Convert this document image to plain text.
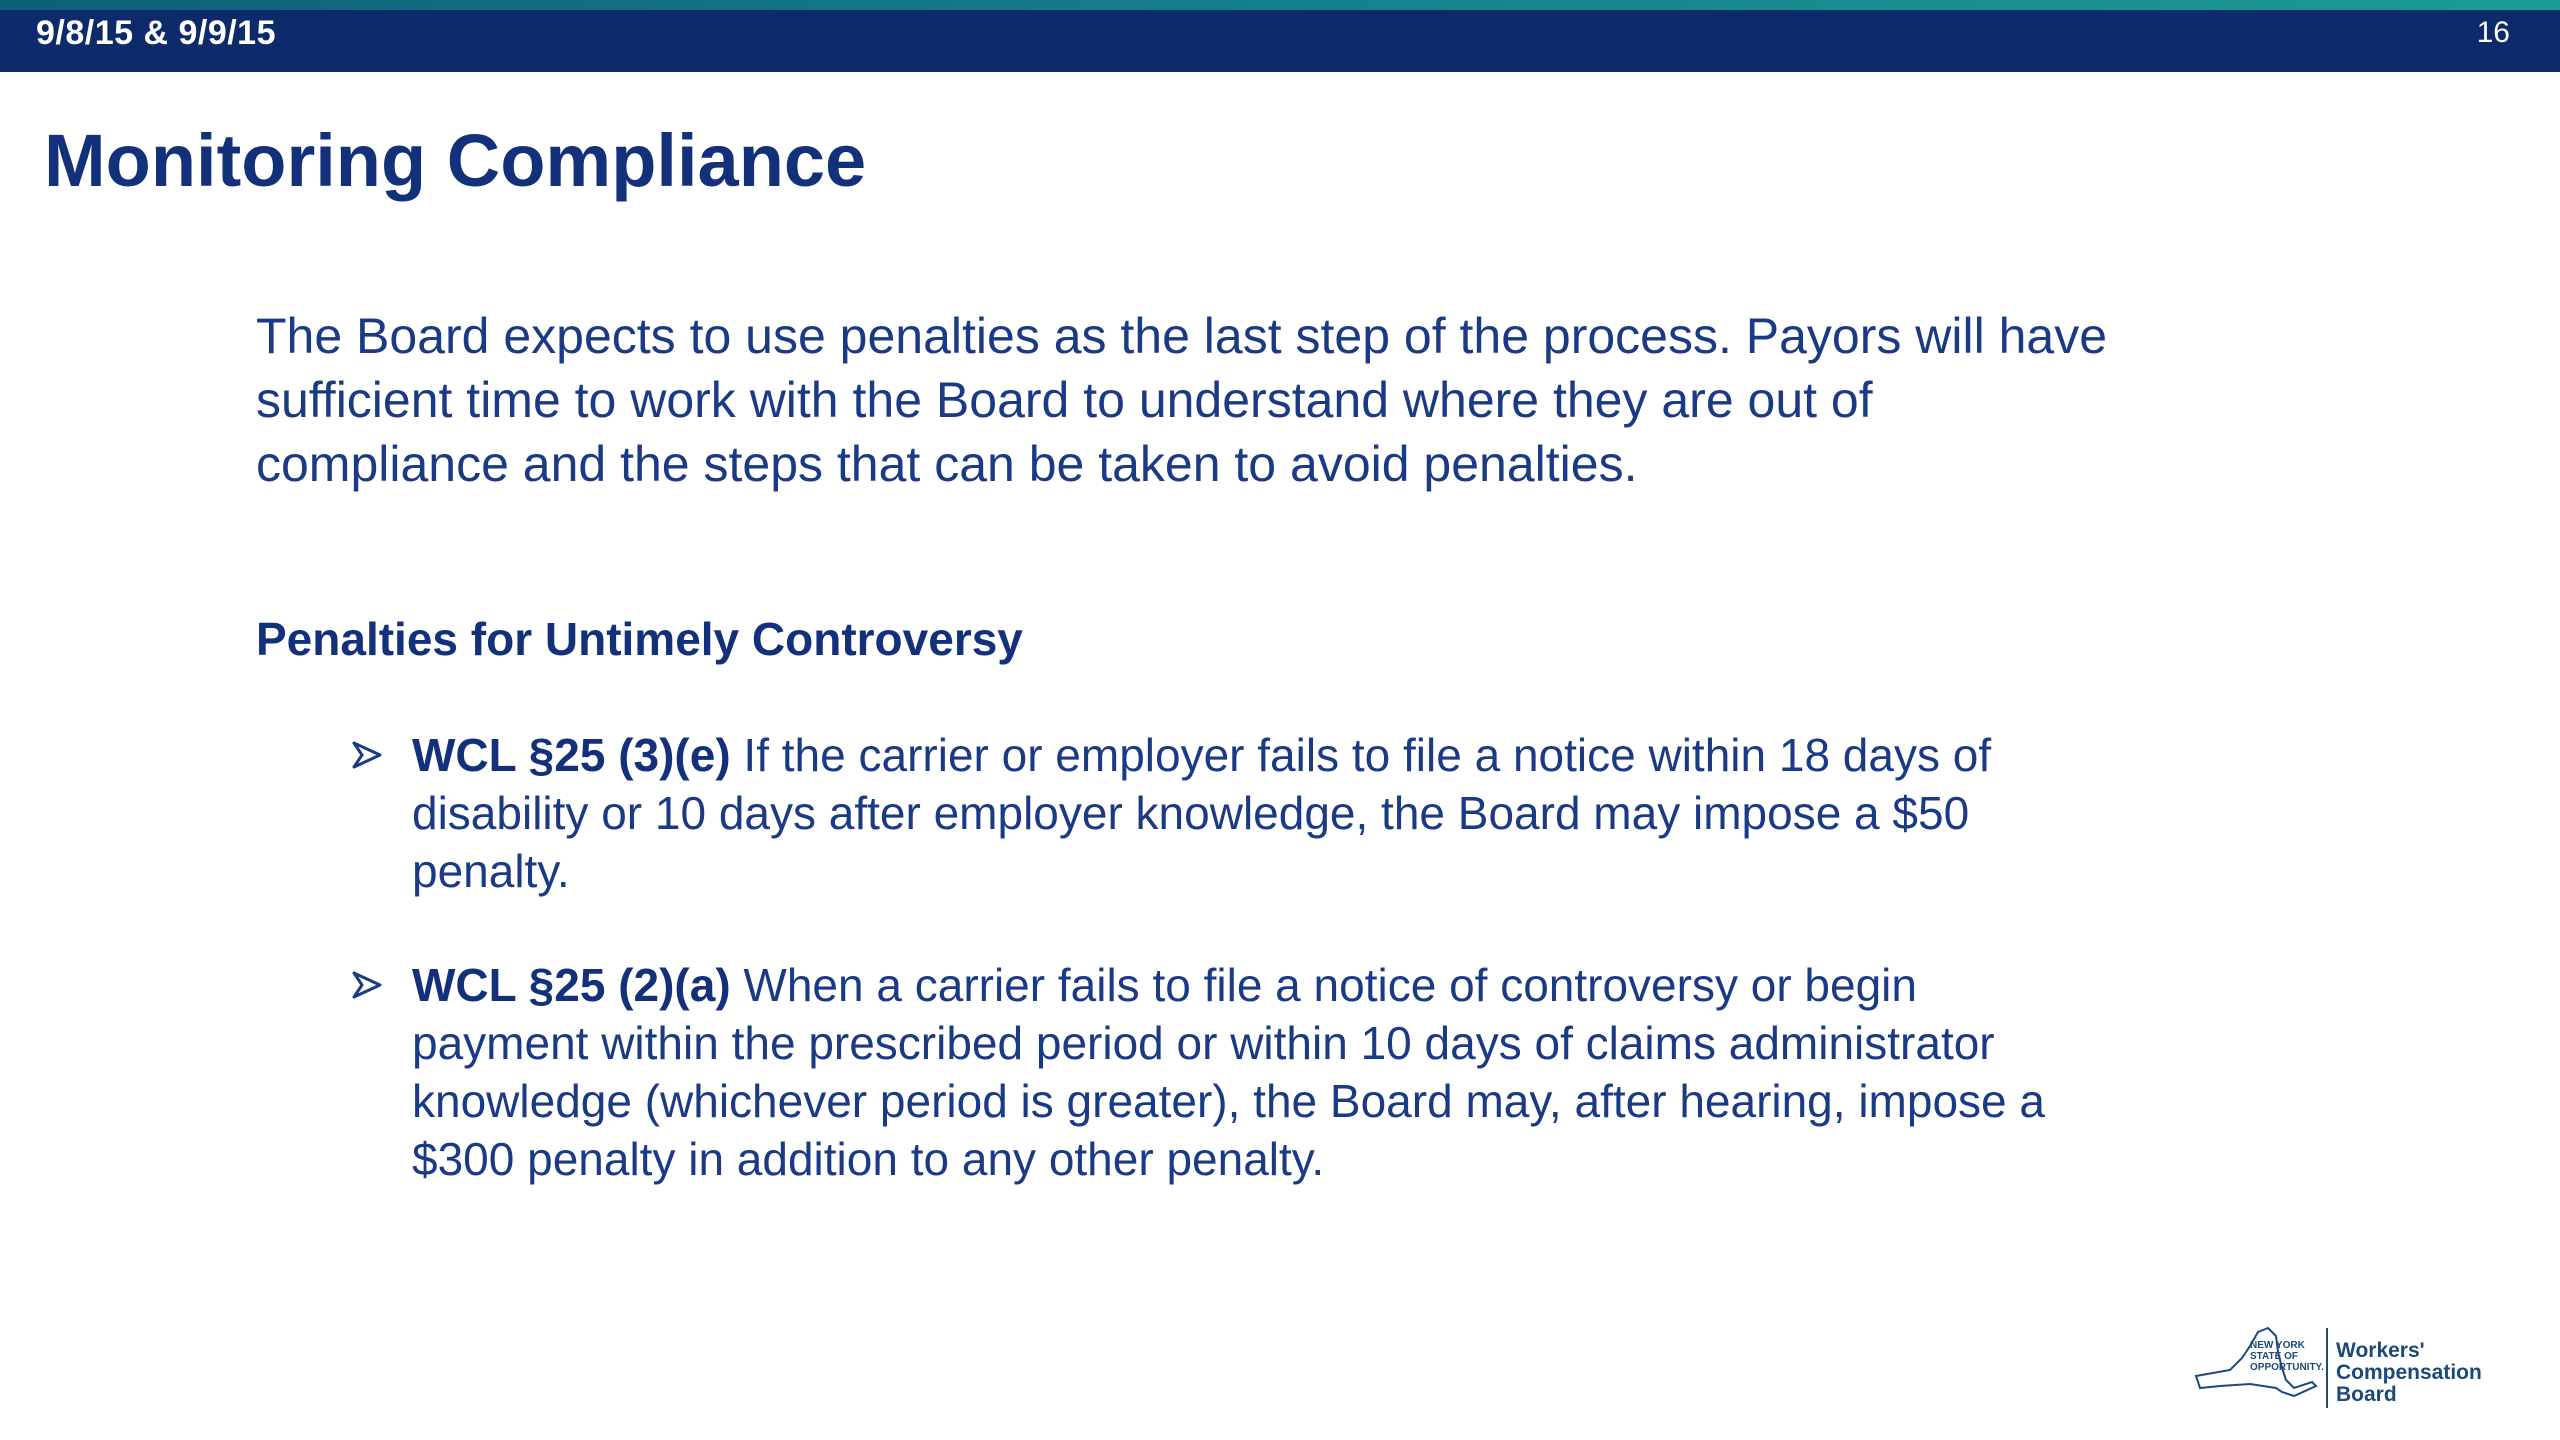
9/8/15 & 9/9/15	16
Monitoring Compliance

The Board expects to use penalties as the last step of the process. Payors will have sufficient time to work with the Board to understand where they are out of compliance and the steps that can be taken to avoid penalties.

Penalties for Untimely Controversy
WCL §25 (3)(e) If the carrier or employer fails to file a notice within 18 days of disability or 10 days after employer knowledge, the Board may impose a $50 penalty.
WCL §25 (2)(a) When a carrier fails to file a notice of controversy or begin payment within the prescribed period or within 10 days of claims administrator knowledge (whichever period is greater), the Board may, after hearing, impose a $300 penalty in addition to any other penalty.
NEW YORK
STATE OF
OPPORTUNITY.
Workers'
Compensation
Board
